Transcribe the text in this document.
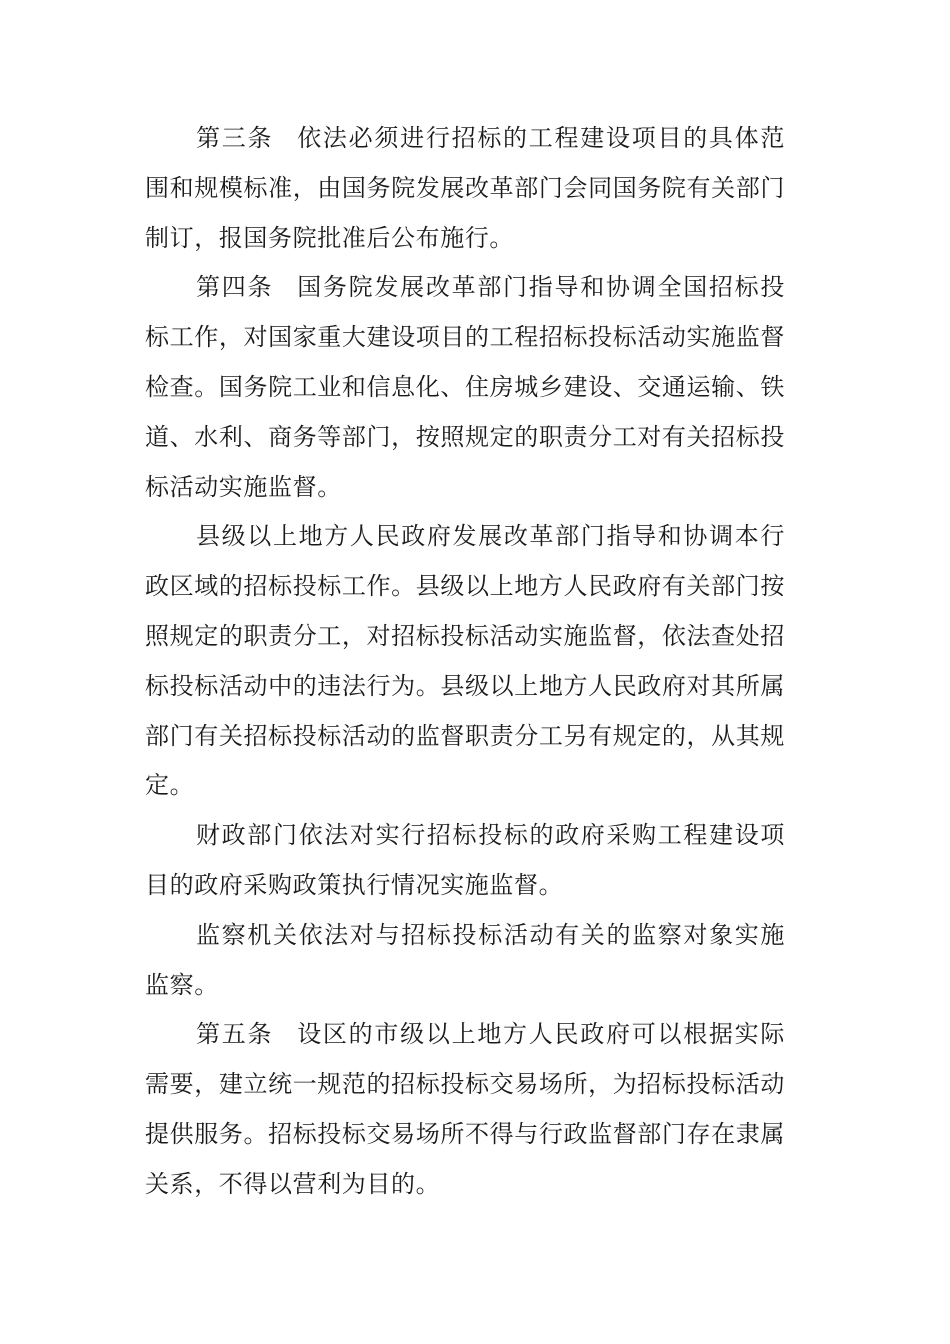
第三条 依法必须进行招标的工程建设项目的具体范围和规模标准，由国务院发展改革部门会同国务院有关部门制订，报国务院批准后公布施行。

第四条 国务院发展改革部门指导和协调全国招标投标工作，对国家重大建设项目的工程招标投标活动实施监督检查。国务院工业和信息化、住房城乡建设、交通运输、铁道、水利、商务等部门，按照规定的职责分工对有关招标投标活动实施监督。

县级以上地方人民政府发展改革部门指导和协调本行政区域的招标投标工作。县级以上地方人民政府有关部门按照规定的职责分工，对招标投标活动实施监督，依法查处招标投标活动中的违法行为。县级以上地方人民政府对其所属部门有关招标投标活动的监督职责分工另有规定的，从其规定。

财政部门依法对实行招标投标的政府采购工程建设项目的政府采购政策执行情况实施监督。

监察机关依法对与招标投标活动有关的监察对象实施监察。

第五条 设区的市级以上地方人民政府可以根据实际需要，建立统一规范的招标投标交易场所，为招标投标活动提供服务。招标投标交易场所不得与行政监督部门存在隶属关系，不得以营利为目的。
